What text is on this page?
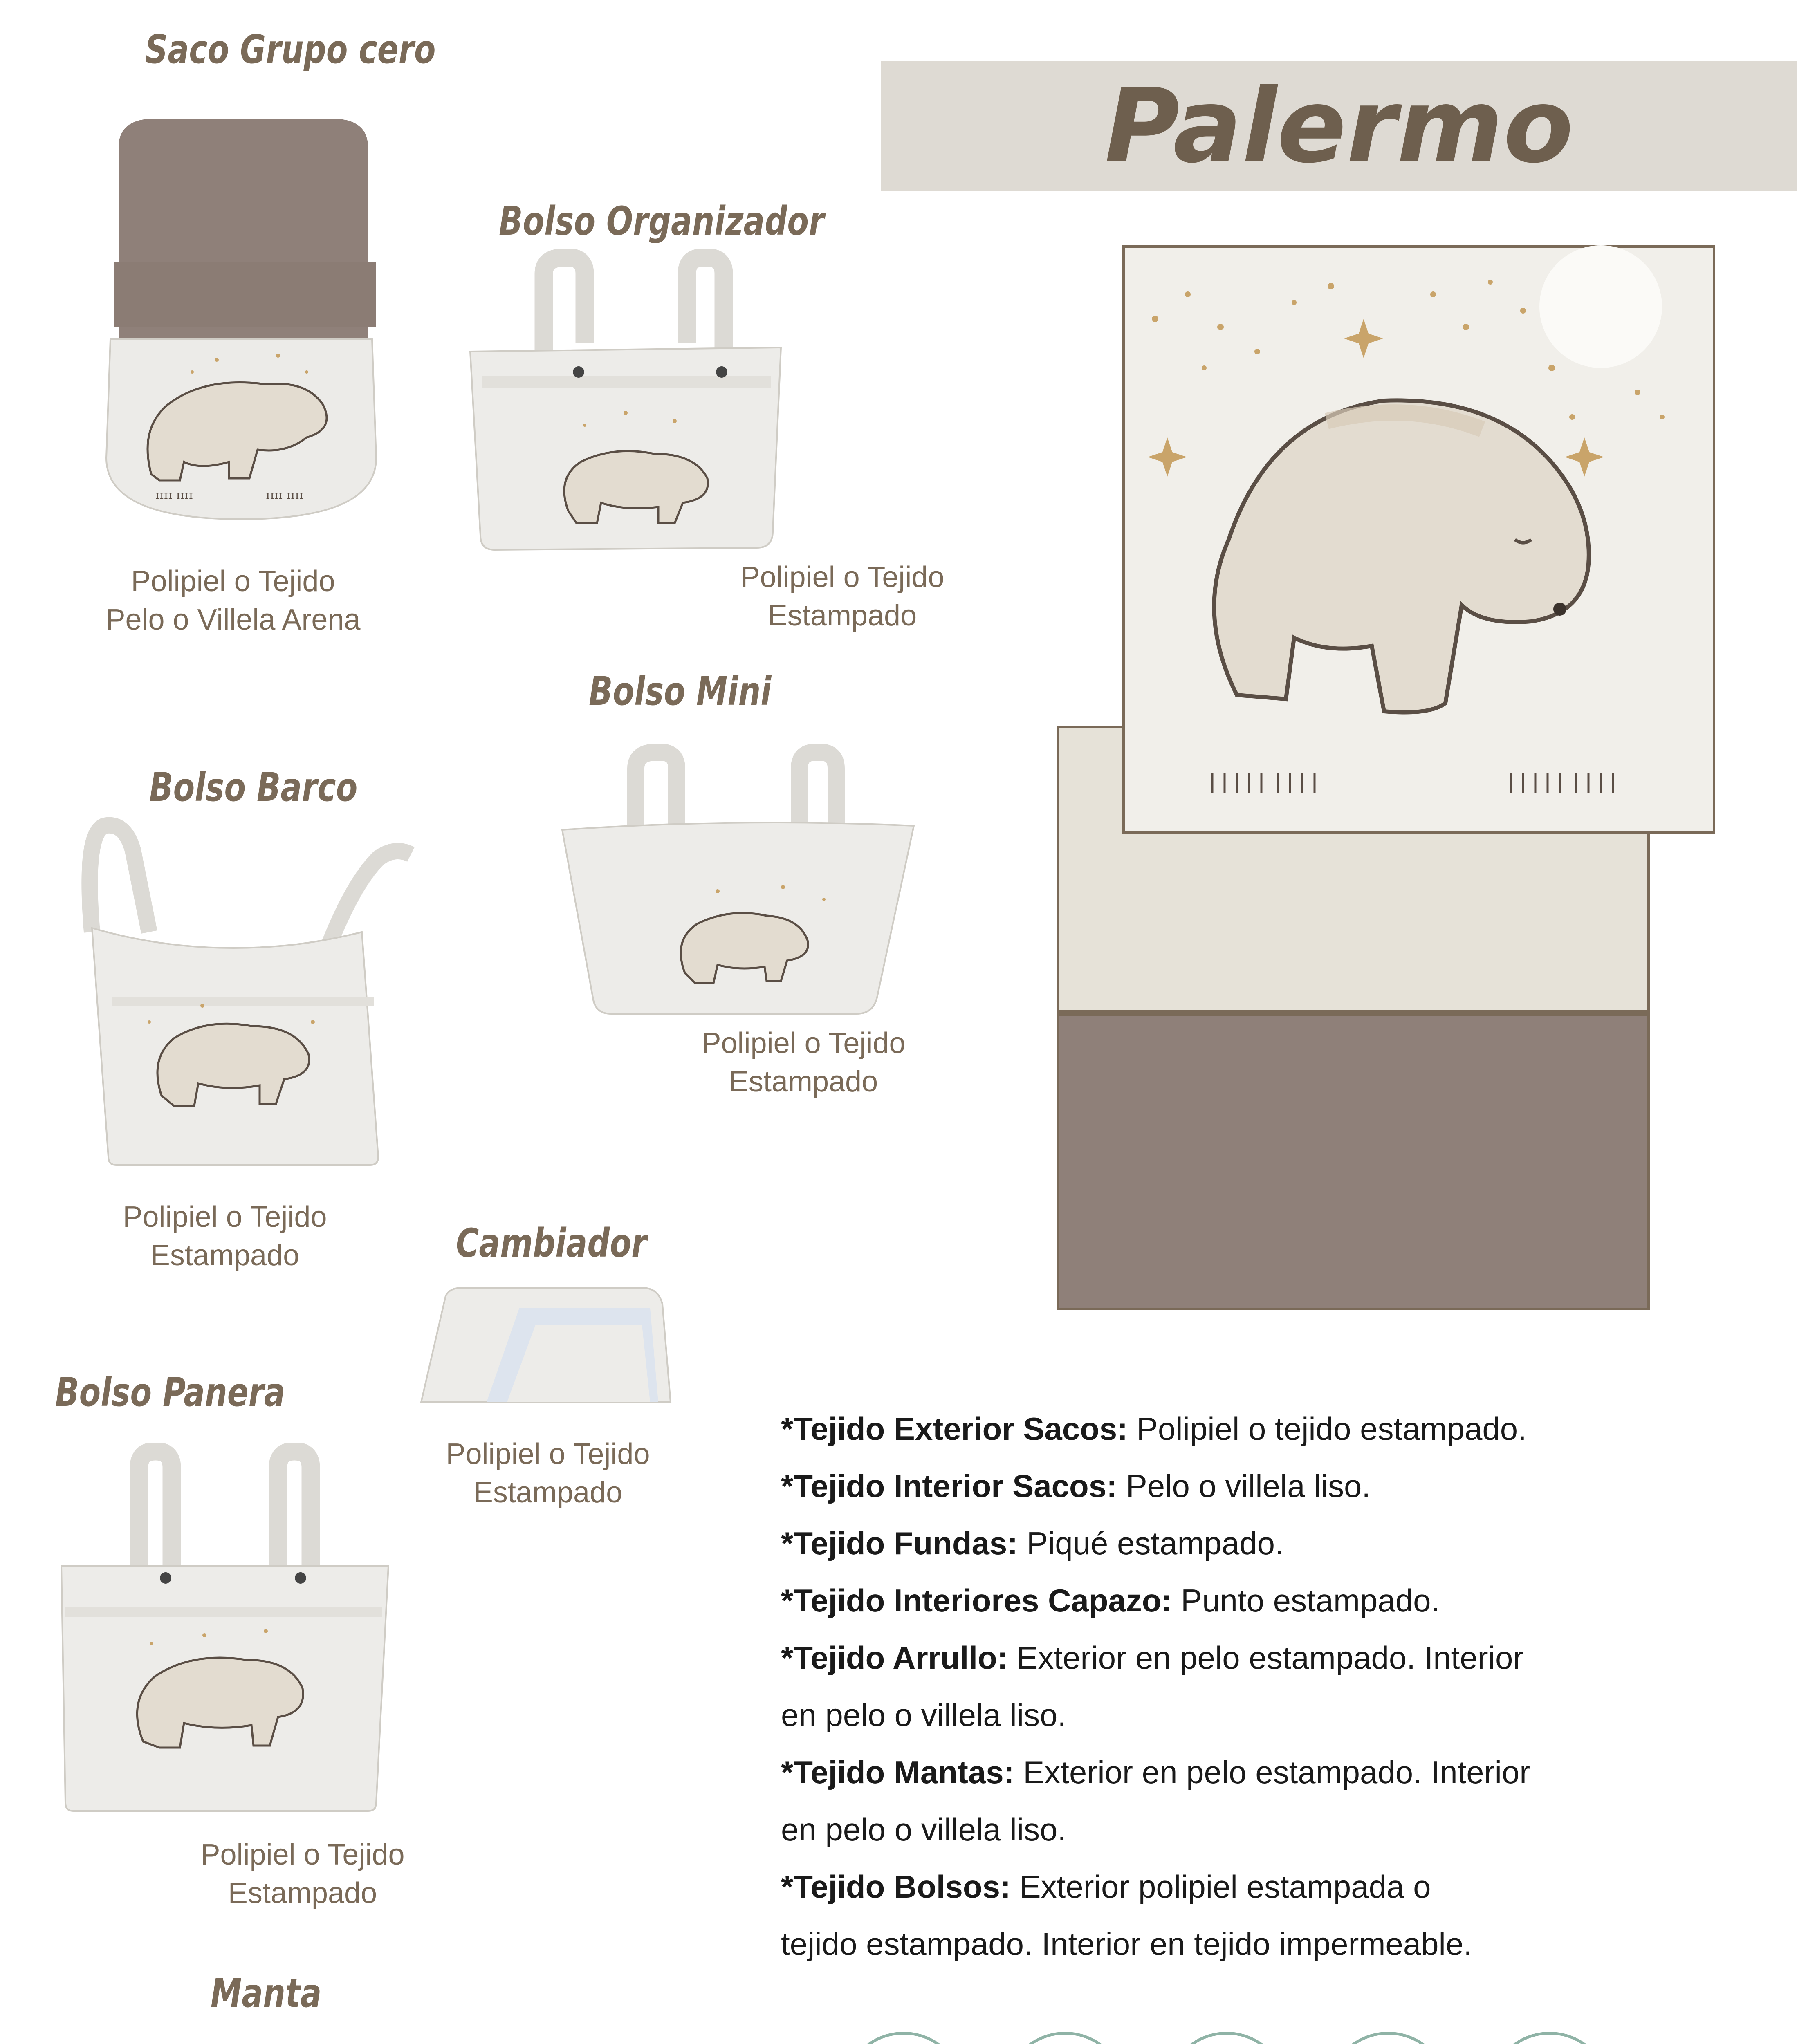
Palermo
Saco Grupo cero
ɪɪɪɪ ɪɪɪɪ	ɪɪɪɪ ɪɪɪɪ
Polipiel o Tejido
Pelo o Villela Arena
Bolso Organizador
Polipiel o Tejido
Estampado
Bolso Mini
Polipiel o Tejido
Estampado
Bolso Barco
Polipiel o Tejido
Estampado	Cambiador
Polipiel o Tejido
Estampado
Bolso Panera
Polipiel o Tejido
Estampado
Manta
*Tejido Exterior Sacos: Polipiel o tejido estampado.
*Tejido Interior Sacos: Pelo o villela liso.
*Tejido Fundas: Piqué estampado.
*Tejido Interiores Capazo: Punto estampado.
*Tejido Arrullo: Exterior en pelo estampado. Interior
en pelo o villela liso.
*Tejido Mantas: Exterior en pelo estampado. Interior
en pelo o villela liso.
*Tejido Bolsos: Exterior polipiel estampada o
tejido estampado. Interior en tejido impermeable.
